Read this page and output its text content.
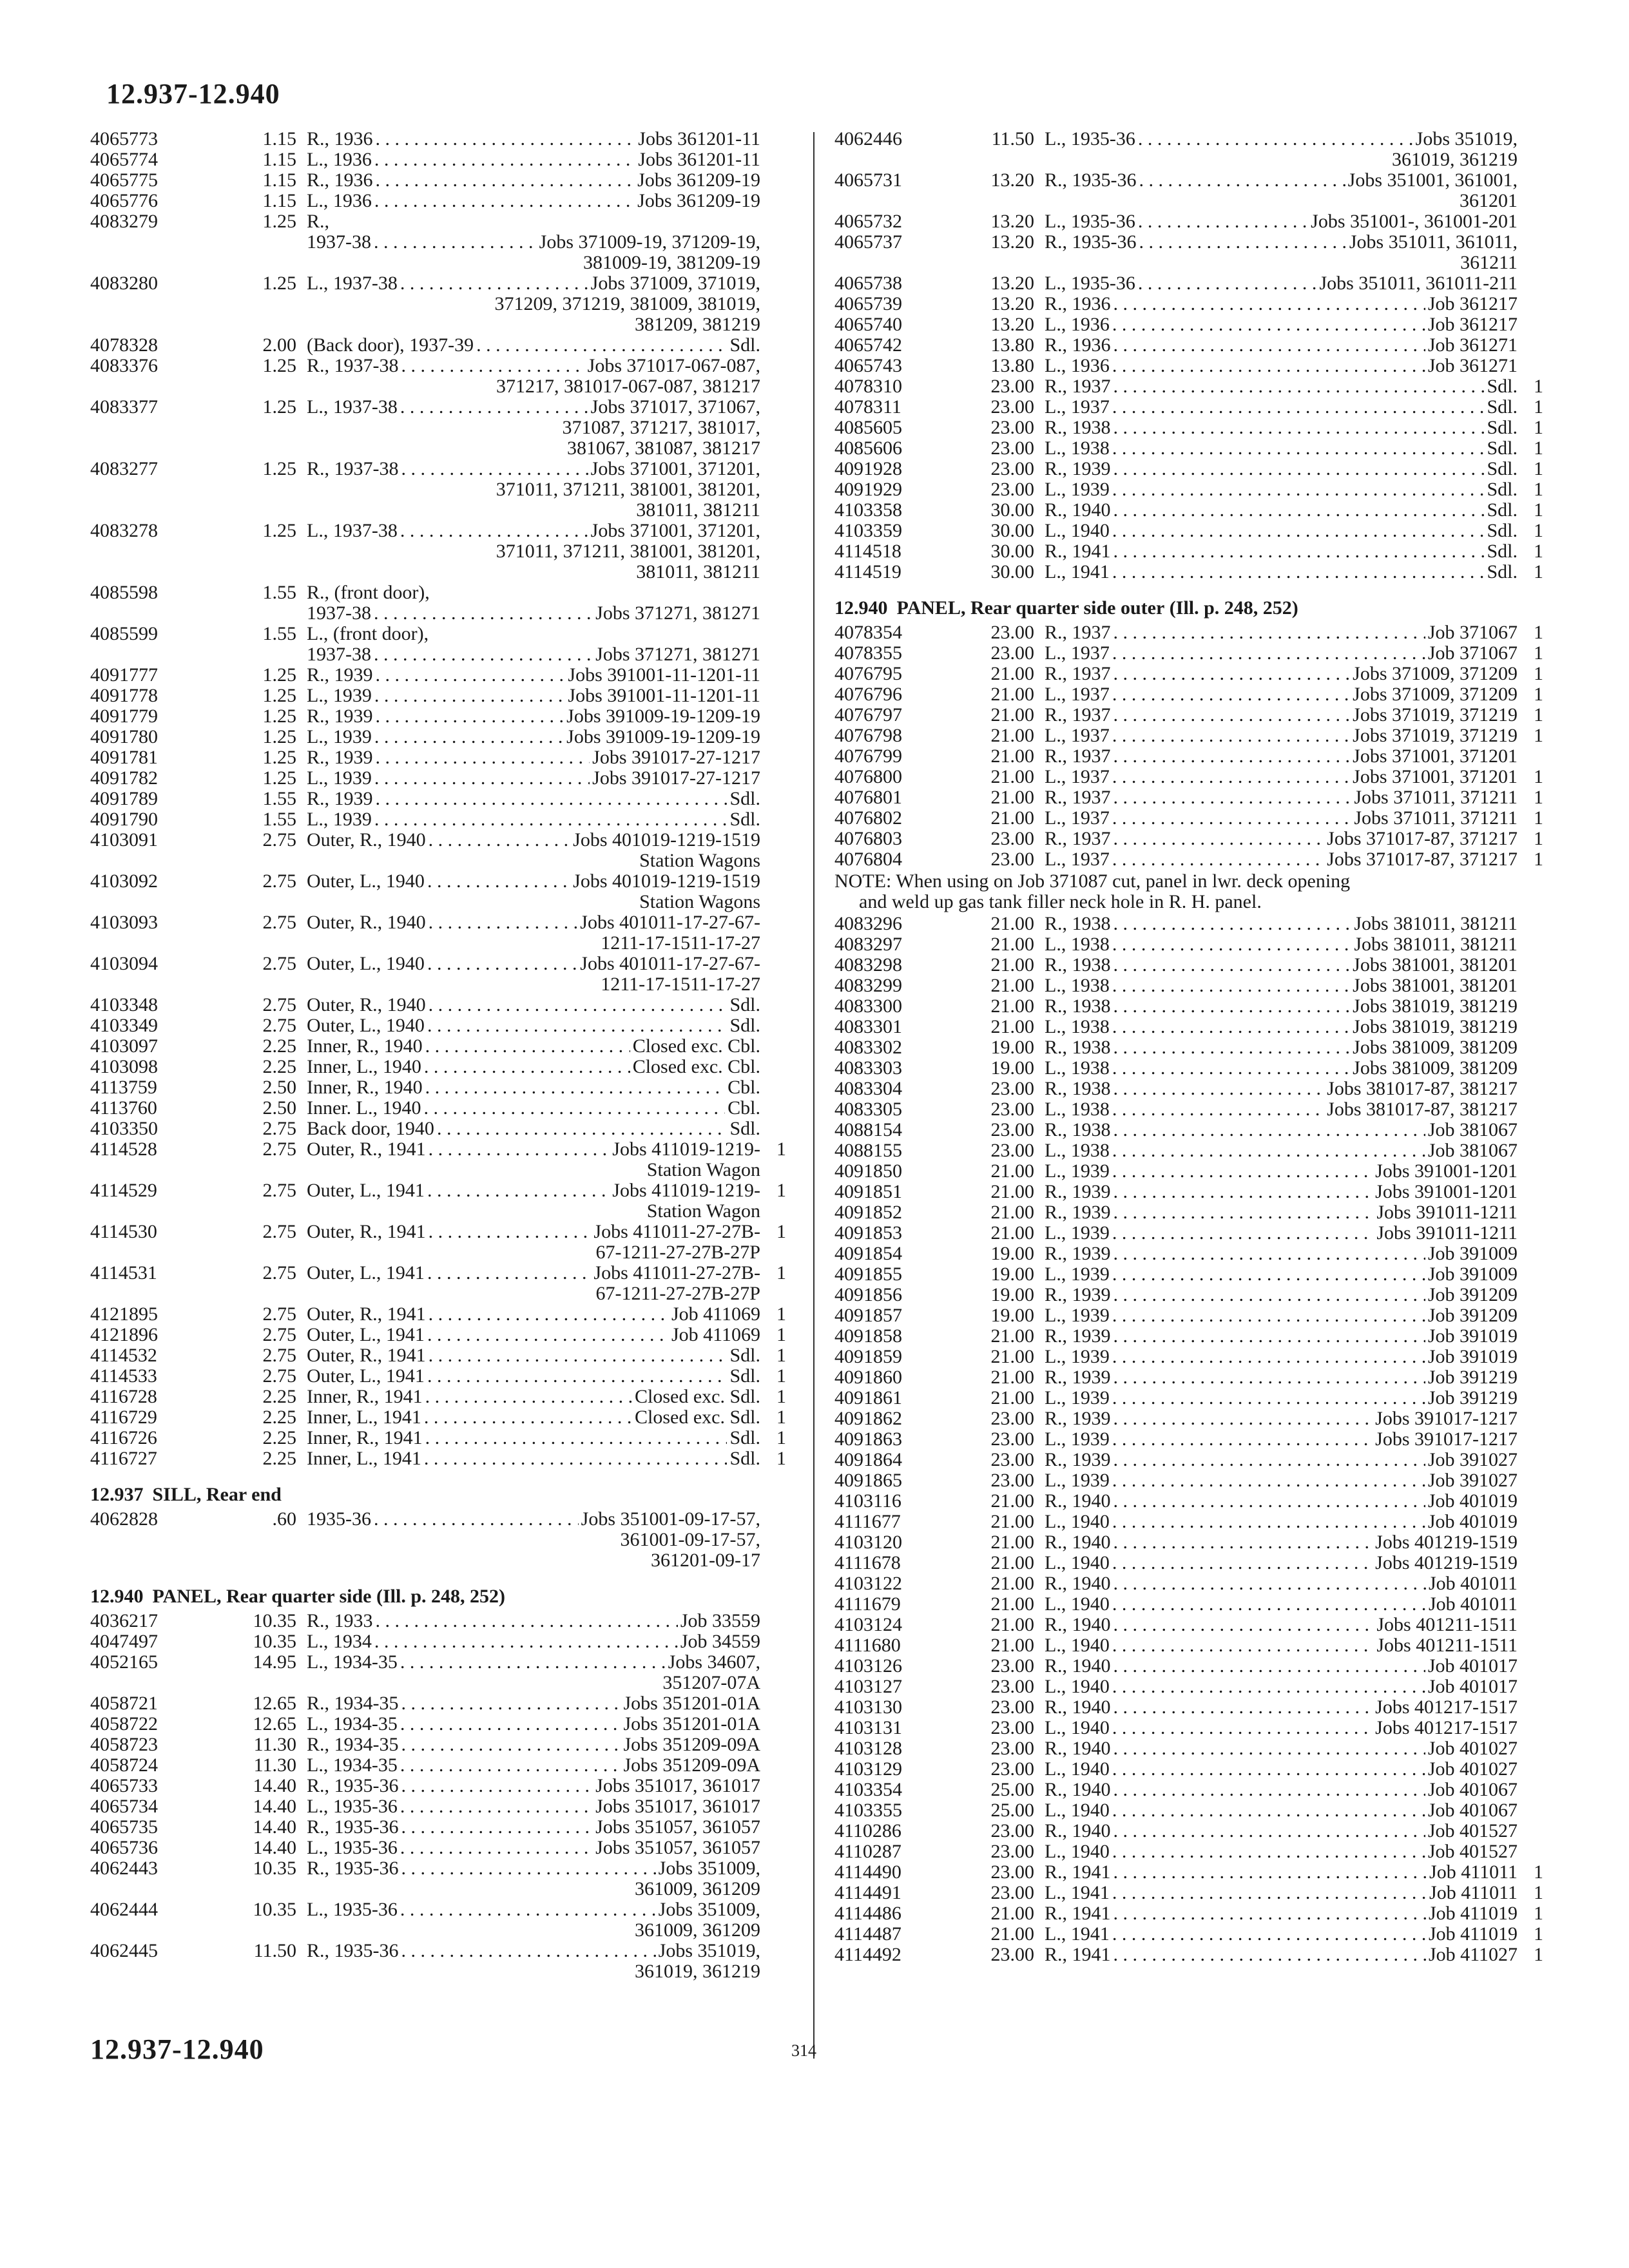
12.937-12.940
4065773	1.15 R., 1936 . . .	Jobs 361201-11
4065774	1.15 L., 1936 . . .	Jobs 361201-11
4065775	1.15 R., 1936 . . .	Jobs 361209-19
4065776	1.15 L., 1936 . . .	Jobs 361209-19
4083279	1.25 R.,
1937-38 . . .	Jobs 371009-19, 371209-19,
381009-19, 381209-19
4083280	1.25 L., 1937-38 . . .	Jobs 371009, 371019,
371209, 371219, 381009, 381019,
381209, 381219
4078328	2.00 (Back door), 1937-39 . . .	Sdl.
4083376	1.25 R., 1937-38 . . .	Jobs 371017-067-087,
371217, 381017-067-087, 381217
4083377	1.25 L., 1937-38 . . .	Jobs 371017, 371067,
371087, 371217, 381017,
381067, 381087, 381217
4083277	1.25 R., 1937-38 . . .	Jobs 371001, 371201,
371011, 371211, 381001, 381201,
381011, 381211
4083278	1.25 L., 1937-38 . . .	Jobs 371001, 371201,
371011, 371211, 381001, 381201,
381011, 381211
4085598	1.55 R., (front door),
1937-38 . . .	Jobs 371271, 381271
4085599	1.55 L., (front door),
1937-38 . . .	Jobs 371271, 381271
4091777	1.25 R., 1939 . . .	Jobs 391001-11-1201-11
4091778	1.25 L., 1939 . . .	Jobs 391001-11-1201-11
4091779	1.25 R., 1939 . . .	Jobs 391009-19-1209-19
4091780	1.25 L., 1939 . . .	Jobs 391009-19-1209-19
4091781	1.25 R., 1939 . . .	Jobs 391017-27-1217
4091782	1.25 L., 1939 . . .	Jobs 391017-27-1217
4091789	1.55 R., 1939 . . .	Sdl.
4091790	1.55 L., 1939 . . .	Sdl.
4103091	2.75 Outer, R., 1940 . . .	Jobs 401019-1219-1519
Station Wagons
4103092	2.75 Outer, L., 1940 . . .	Jobs 401019-1219-1519
Station Wagons
4103093	2.75 Outer, R., 1940 . . .	Jobs 401011-17-27-67-
1211-17-1511-17-27
4103094	2.75 Outer, L., 1940 . . .	Jobs 401011-17-27-67-
1211-17-1511-17-27
4103348	2.75 Outer, R., 1940 . . .	Sdl.
4103349	2.75 Outer, L., 1940 . . .	Sdl.
4103097	2.25 Inner, R., 1940 . . .	Closed exc. Cbl.
4103098	2.25 Inner, L., 1940 . . .	Closed exc. Cbl.
4113759	2.50 Inner, R., 1940 . . .	Cbl.
4113760	2.50 Inner. L., 1940 . . .	Cbl.
4103350	2.75 Back door, 1940 . . .	Sdl.
4114528	2.75 Outer, R., 1941 . . .	Jobs 411019-1219-
Station Wagon
1
4114529	2.75 Outer, L., 1941 . . .	Jobs 411019-1219-
Station Wagon
1
4114530	2.75 Outer, R., 1941 . . .	Jobs 411011-27-27B-
67-1211-27-27B-27P
1
4114531	2.75 Outer, L., 1941 . . .	Jobs 411011-27-27B-
67-1211-27-27B-27P
1
4121895	2.75 Outer, R., 1941 . . .	Job 411069 1
4121896	2.75 Outer, L., 1941 . . .	Job 411069 1
4114532	2.75 Outer, R., 1941 . . .	Sdl. 1
4114533	2.75 Outer, L., 1941 . . .	Sdl. 1
4116728	2.25 Inner, R., 1941 . . .	Closed exc. Sdl. 1
4116729	2.25 Inner, L., 1941 . . .	Closed exc. Sdl. 1
4116726	2.25 Inner, R., 1941 . . .	Sdl. 1
4116727	2.25 Inner, L., 1941 . . .	Sdl. 1
12.937 SILL, Rear end
4062828	.60 1935-36 . . .	Jobs 351001-09-17-57,
361001-09-17-57,
361201-09-17
12.940 PANEL, Rear quarter side (Ill. p. 248, 252)
4036217	10.35 R., 1933 . . .	Job 33559
4047497	10.35 L., 1934 . . .	Job 34559
4052165	14.95 L., 1934-35 . . .	Jobs 34607,
351207-07A
4058721	12.65 R., 1934-35 . . .	Jobs 351201-01A
4058722	12.65 L., 1934-35 . . .	Jobs 351201-01A
4058723	11.30 R., 1934-35 . . .	Jobs 351209-09A
4058724	11.30 L., 1934-35 . . .	Jobs 351209-09A
4065733	14.40 R., 1935-36 . . .	Jobs 351017, 361017
4065734	14.40 L., 1935-36 . . .	Jobs 351017, 361017
4065735	14.40 R., 1935-36 . . .	Jobs 351057, 361057
4065736	14.40 L., 1935-36 . . .	Jobs 351057, 361057
4062443	10.35 R., 1935-36 . . .	Jobs 351009,
361009, 361209
4062444	10.35 L., 1935-36 . . .	Jobs 351009,
361009, 361209
4062445	11.50 R., 1935-36 . . .	Jobs 351019,
361019, 361219
4062446	11.50 L., 1935-36 . . .	Jobs 351019,
361019, 361219
4065731	13.20 R., 1935-36 . . .	Jobs 351001, 361001,
361201
4065732	13.20 L., 1935-36 . . .	Jobs 351001-, 361001-201
4065737	13.20 R., 1935-36 . . .	Jobs 351011, 361011,
361211
4065738	13.20 L., 1935-36 . . .	Jobs 351011, 361011-211
4065739	13.20 R., 1936 . . .	Job 361217
4065740	13.20 L., 1936 . . .	Job 361217
4065742	13.80 R., 1936 . . .	Job 361271
4065743	13.80 L., 1936 . . .	Job 361271
4078310	23.00 R., 1937 . . .	Sdl. 1
4078311	23.00 L., 1937 . . .	Sdl. 1
4085605	23.00 R., 1938 . . .	Sdl. 1
4085606	23.00 L., 1938 . . .	Sdl. 1
4091928	23.00 R., 1939 . . .	Sdl. 1
4091929	23.00 L., 1939 . . .	Sdl. 1
4103358	30.00 R., 1940 . . .	Sdl. 1
4103359	30.00 L., 1940 . . .	Sdl. 1
4114518	30.00 R., 1941 . . .	Sdl. 1
4114519	30.00 L., 1941 . . .	Sdl. 1
12.940 PANEL, Rear quarter side outer (Ill. p. 248, 252)
4078354	23.00 R., 1937 . . .	Job 371067 1
4078355	23.00 L., 1937 . . .	Job 371067 1
4076795	21.00 R., 1937 . . .	Jobs 371009, 371209 1
4076796	21.00 L., 1937 . . .	Jobs 371009, 371209 1
4076797	21.00 R., 1937 . . .	Jobs 371019, 371219 1
4076798	21.00 L., 1937 . . .	Jobs 371019, 371219 1
4076799	21.00 R., 1937 . . .	Jobs 371001, 371201
4076800	21.00 L., 1937 . . .	Jobs 371001, 371201 1
4076801	21.00 R., 1937 . . .	Jobs 371011, 371211 1
4076802	21.00 L., 1937 . . .	Jobs 371011, 371211 1
4076803	23.00 R., 1937 . . .	Jobs 371017-87, 371217 1
4076804	23.00 L., 1937 . . .	Jobs 371017-87, 371217 1
NOTE: When using on Job 371087 cut, panel in lwr. deck opening
and weld up gas tank filler neck hole in R. H. panel.
4083296	21.00 R., 1938 . . .	Jobs 381011, 381211
4083297	21.00 L., 1938 . . .	Jobs 381011, 381211
4083298	21.00 R., 1938 . . .	Jobs 381001, 381201
4083299	21.00 L., 1938 . . .	Jobs 381001, 381201
4083300	21.00 R., 1938 . . .	Jobs 381019, 381219
4083301	21.00 L., 1938 . . .	Jobs 381019, 381219
4083302	19.00 R., 1938 . . .	Jobs 381009, 381209
4083303	19.00 L., 1938 . . .	Jobs 381009, 381209
4083304	23.00 R., 1938 . . .	Jobs 381017-87, 381217
4083305	23.00 L., 1938 . . .	Jobs 381017-87, 381217
4088154	23.00 R., 1938 . . .	Job 381067
4088155	23.00 L., 1938 . . .	Job 381067
4091850	21.00 L., 1939 . . .	Jobs 391001-1201
4091851	21.00 R., 1939 . . .	Jobs 391001-1201
4091852	21.00 R., 1939 . . .	Jobs 391011-1211
4091853	21.00 L., 1939 . . .	Jobs 391011-1211
4091854	19.00 R., 1939 . . .	Job 391009
4091855	19.00 L., 1939 . . .	Job 391009
4091856	19.00 R., 1939 . . .	Job 391209
4091857	19.00 L., 1939 . . .	Job 391209
4091858	21.00 R., 1939 . . .	Job 391019
4091859	21.00 L., 1939 . . .	Job 391019
4091860	21.00 R., 1939 . . .	Job 391219
4091861	21.00 L., 1939 . . .	Job 391219
4091862	23.00 R., 1939 . . .	Jobs 391017-1217
4091863	23.00 L., 1939 . . .	Jobs 391017-1217
4091864	23.00 R., 1939 . . .	Job 391027
4091865	23.00 L., 1939 . . .	Job 391027
4103116	21.00 R., 1940 . . .	Job 401019
4111677	21.00 L., 1940 . . .	Job 401019
4103120	21.00 R., 1940 . . .	Jobs 401219-1519
4111678	21.00 L., 1940 . . .	Jobs 401219-1519
4103122	21.00 R., 1940 . . .	Job 401011
4111679	21.00 L., 1940 . . .	Job 401011
4103124	21.00 R., 1940 . . .	Jobs 401211-1511
4111680	21.00 L., 1940 . . .	Jobs 401211-1511
4103126	23.00 R., 1940 . . .	Job 401017
4103127	23.00 L., 1940 . . .	Job 401017
4103130	23.00 R., 1940 . . .	Jobs 401217-1517
4103131	23.00 L., 1940 . . .	Jobs 401217-1517
4103128	23.00 R., 1940 . . .	Job 401027
4103129	23.00 L., 1940 . . .	Job 401027
4103354	25.00 R., 1940 . . .	Job 401067
4103355	25.00 L., 1940 . . .	Job 401067
4110286	23.00 R., 1940 . . .	Job 401527
4110287	23.00 L., 1940 . . .	Job 401527
4114490	23.00 R., 1941 . . .	Job 411011 1
4114491	23.00 L., 1941 . . .	Job 411011 1
4114486	21.00 R., 1941 . . .	Job 411019 1
4114487	21.00 L., 1941 . . .	Job 411019 1
4114492	23.00 R., 1941 . . .	Job 411027 1
12.937-12.940	314
